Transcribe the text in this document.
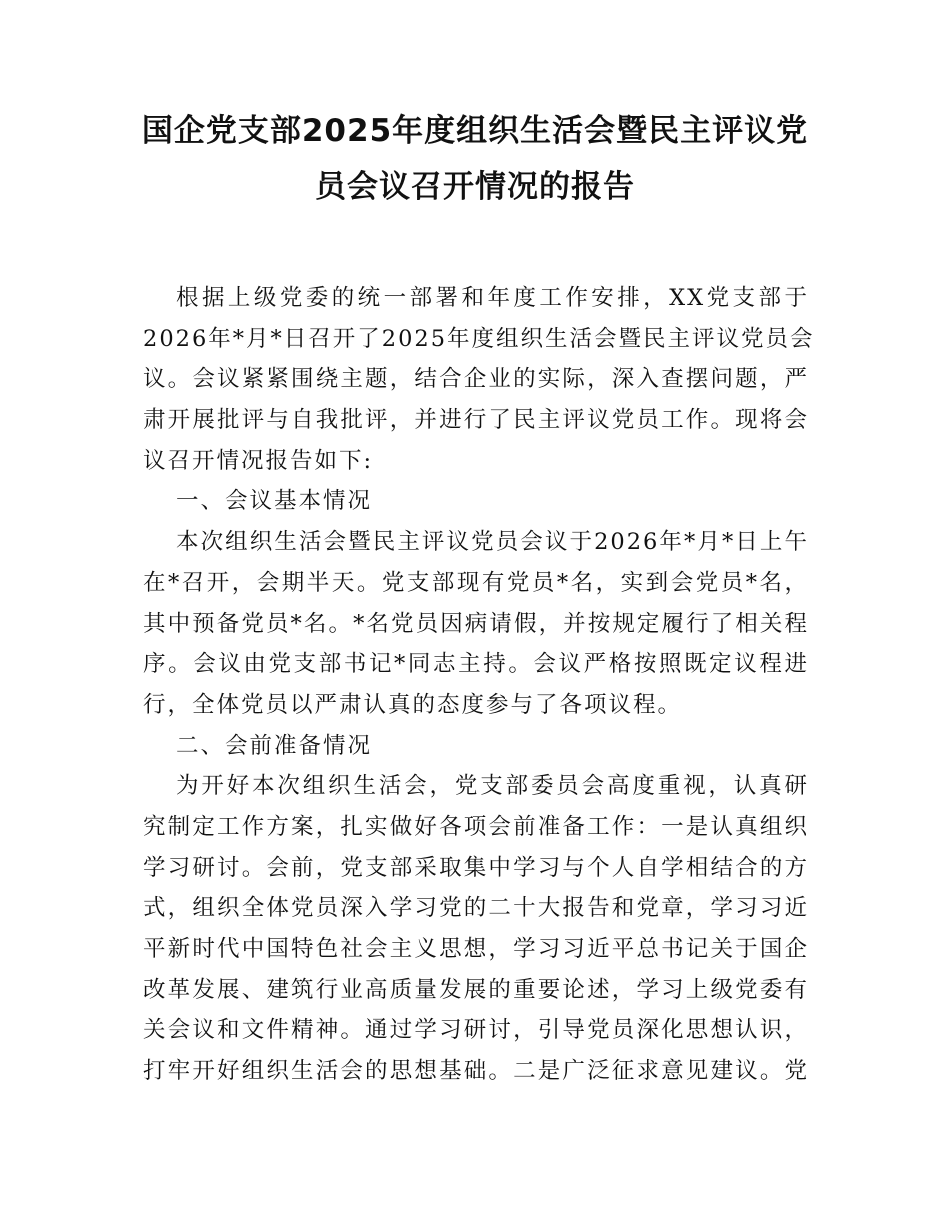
国企党支部2025年度组织生活会暨民主评议党
员会议召开情况的报告
根据上级党委的统一部署和年度工作安排，XX党支部于
2026年*月*日召开了2025年度组织生活会暨民主评议党员会
议。会议紧紧围绕主题，结合企业的实际，深入查摆问题，严
肃开展批评与自我批评，并进行了民主评议党员工作。现将会
议召开情况报告如下:
一、会议基本情况
本次组织生活会暨民主评议党员会议于2026年*月*日上午
在*召开，会期半天。党支部现有党员*名，实到会党员*名，
其中预备党员*名。*名党员因病请假，并按规定履行了相关程
序。会议由党支部书记*同志主持。会议严格按照既定议程进
行，全体党员以严肃认真的态度参与了各项议程。
二、会前准备情况
为开好本次组织生活会，党支部委员会高度重视，认真研
究制定工作方案，扎实做好各项会前准备工作：一是认真组织
学习研讨。会前，党支部采取集中学习与个人自学相结合的方
式，组织全体党员深入学习党的二十大报告和党章，学习习近
平新时代中国特色社会主义思想，学习习近平总书记关于国企
改革发展、建筑行业高质量发展的重要论述，学习上级党委有
关会议和文件精神。通过学习研讨，引导党员深化思想认识，
打牢开好组织生活会的思想基础。二是广泛征求意见建议。党
